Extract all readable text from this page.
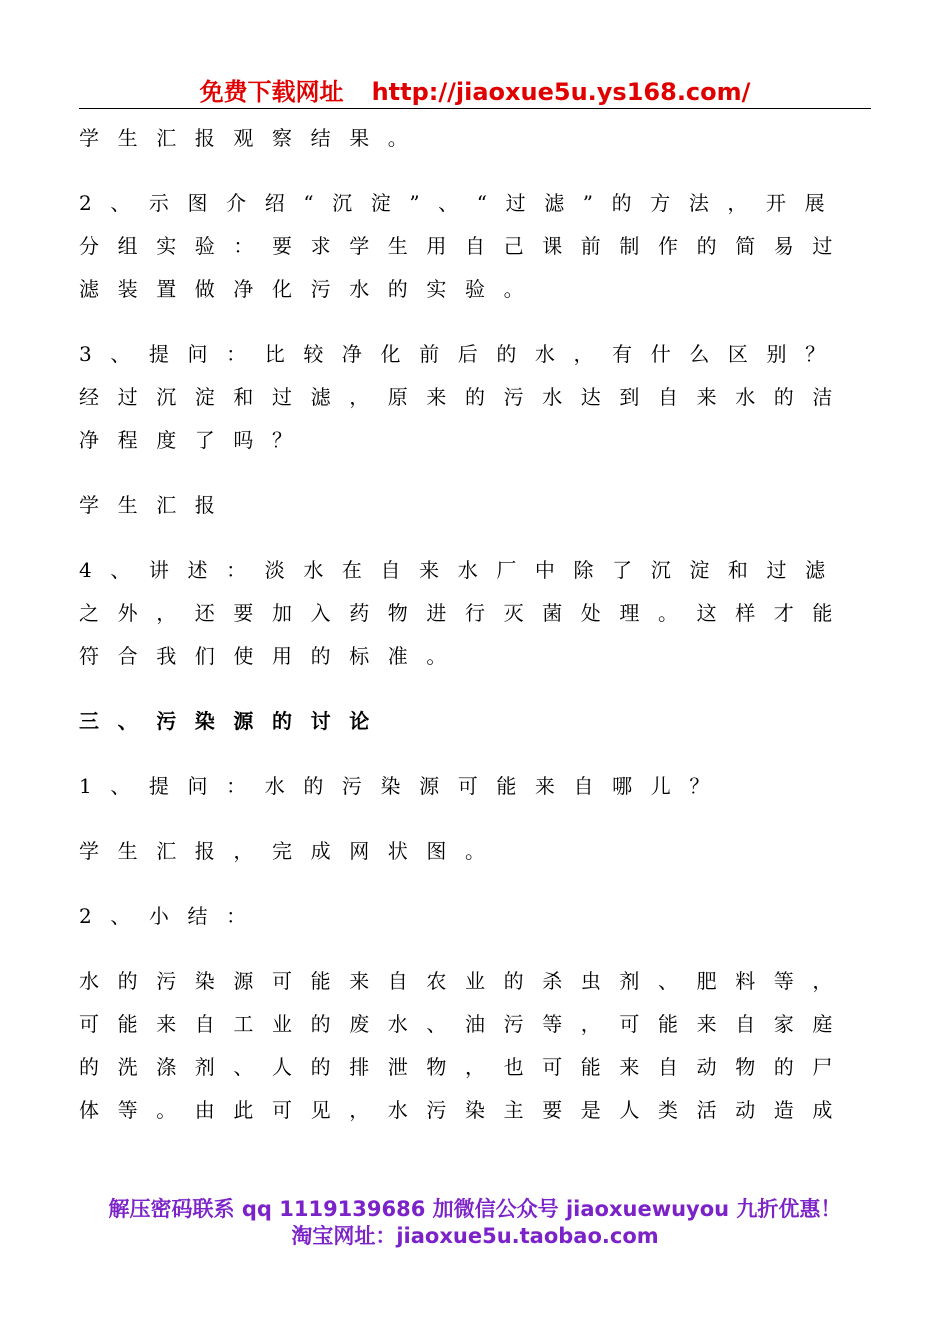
免费下载网址 http://jiaoxue5u.ys168.com/

学生汇报观察结果。

2、示图介绍“沉淀”、“过滤”的方法，开展分组实验：要求学生用自己课前制作的简易过滤装置做净化污水的实验。

3、提问：比较净化前后的水，有什么区别？经过沉淀和过滤，原来的污水达到自来水的洁净程度了吗？

学生汇报

4、讲述：淡水在自来水厂中除了沉淀和过滤之外，还要加入药物进行灭菌处理。这样才能符合我们使用的标准。

三、污染源的讨论

1、提问：水的污染源可能来自哪儿？

学生汇报，完成网状图。

2、小结：

水的污染源可能来自农业的杀虫剂、肥料等，可能来自工业的废水、油污等，可能来自家庭的洗涤剂、人的排泄物，也可能来自动物的尸体等。由此可见，水污染主要是人类活动造成

解压密码联系 qq 1119139686 加微信公众号 jiaoxuewuyou 九折优惠！
淘宝网址：jiaoxue5u.taobao.com
